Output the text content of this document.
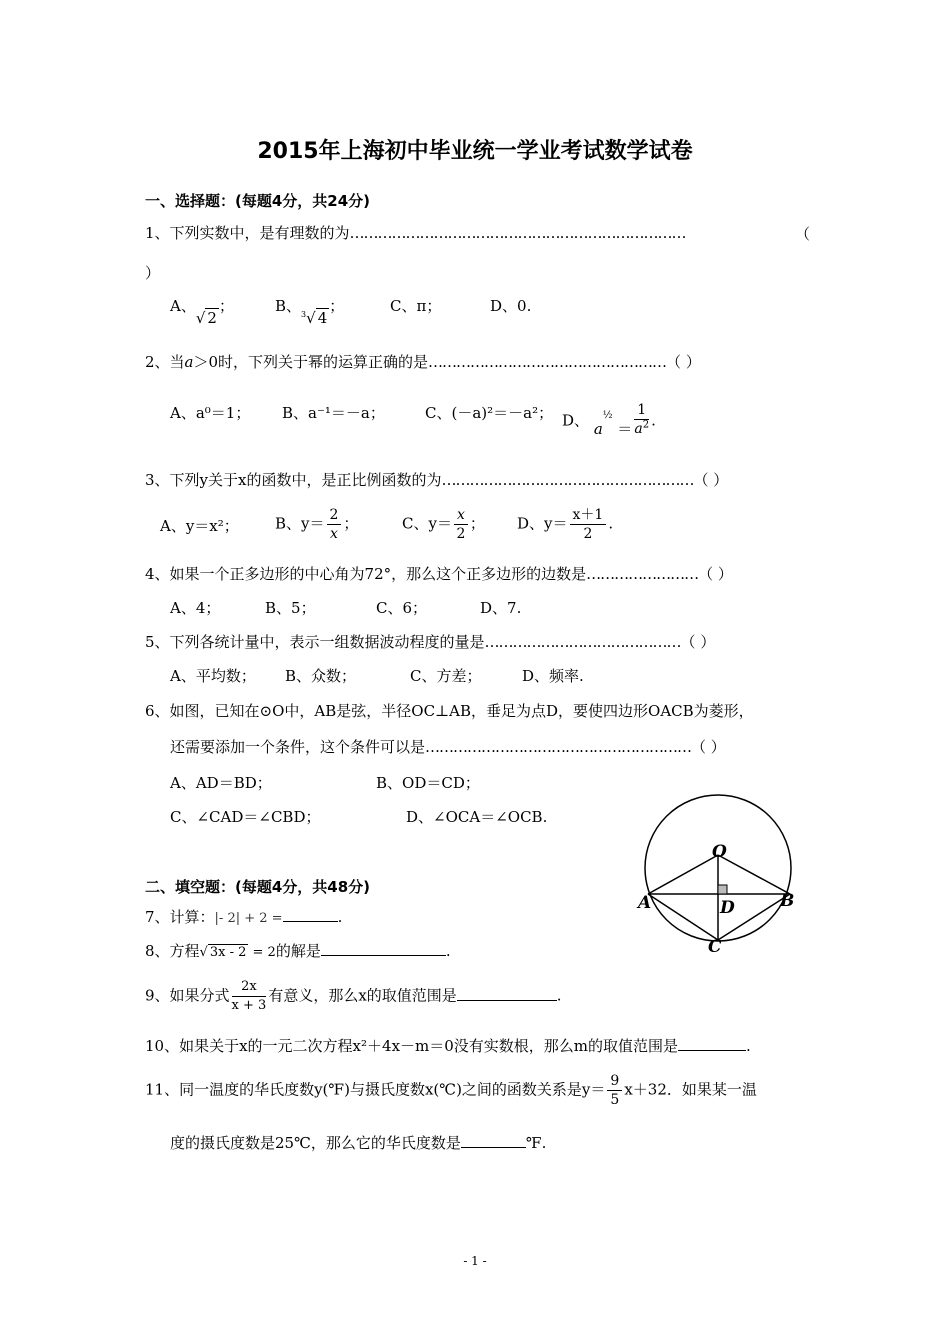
2015年上海初中毕业统一学业考试数学试卷
一、选择题：(每题4分，共24分)
1、下列实数中，是有理数的为………………………………………………………………	（
）
A、√ 2；	B、$^3$√ 4；	C、π；	D、0.
2、当a＞0时，下列关于幂的运算正确的是……………………………………………（ ）
A、a⁰＝1； B、a⁻¹＝－a；	C、(－a)²＝－a²； D、 $a^{\frac{1}{2}} = \frac{1}{a^2}$ .
3、下列y关于x的函数中，是正比例函数的为………………………………………………（ ）
A、y＝x²； B、$y= \frac{2}{x}$ ；	C、$y= \frac{x}{2}$ ； D、$y= \frac{x+1}{2}$ .
4、如果一个正多边形的中心角为72°，那么这个正多边形的边数是……………………（ ）
A、4；	B、5；	C、6；	D、7.
5、下列各统计量中，表示一组数据波动程度的量是……………………………………（ ）
A、平均数； B、众数；	C、方差；	D、频率.
6、如图，已知在⊙O中，AB是弦，半径OC⊥AB，垂足为点D，要使四边形OACB为菱形，
还需要添加一个条件，这个条件可以是…………………………………………………（ ）
A、AD＝BD；	B、OD＝CD；
C、∠CAD＝∠CBD；	D、∠OCA＝∠OCB.
O
A	B
C
D
二、填空题：(每题4分，共48分)
7、计算：|- 2| + 2 =	.
8、方程√ 3x - 2 = 2的解是	.
9、如果分式 $\frac{2x}{x + 3}$ 有意义，那么x的取值范围是	.
10、如果关于x的一元二次方程x²＋4x－m＝0没有实数根，那么m的取值范围是	.
11、同一温度的华氏度数y(℉)与摄氏度数x(℃)之间的函数关系是$y= \frac{9}{5} x+32$．如果某一温
度的摄氏度数是25℃，那么它的华氏度数是	℉.
- 1 -
